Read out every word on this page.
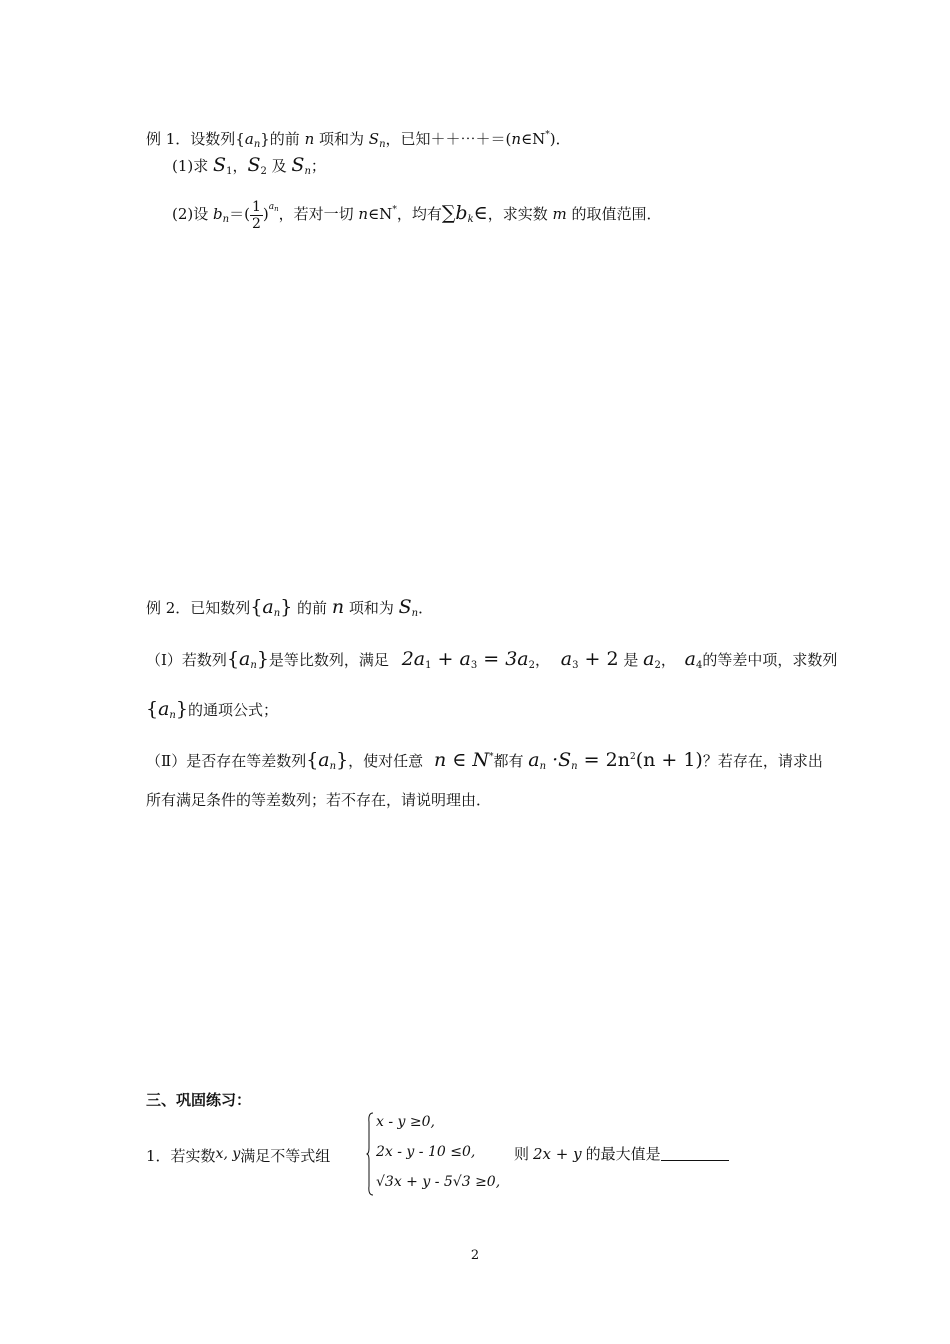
例 1．设数列$\{a_n\}$的前 n 项和为 $S_n$，已知＋＋⋯＋＝(n∈N*)．
(1)求 $S_1$，$S_2$ 及 $S_n$；
(2)设 $b_n=( \frac{1}{2} )^{an}$，若对一切 n∈N*，均有$\sum b_k\in$，求实数 m 的取值范围．
例 2．已知数列$\{a_n\}$ 的前 n 项和为 $S_n$．
（Ⅰ）若数列$\{a_n\}$是等比数列，满足 $2a_1 + a_3 = 3a_2$， $a_3 + 2$ 是 $a_2$， $a_4$的等差中项，求数列
$\{a_n\}$的通项公式；
（Ⅱ）是否存在等差数列$\{a_n\}$，使对任意 n ∈ N*都有 $a_n \cdot S_n = 2n^2(n + 1)$？若存在，请求出
所有满足条件的等差数列；若不存在，请说明理由．
三、巩固练习：
1．若实数x, y满足不等式组
x - y ≥0,
2x - y - 10 ≤0,
√3x + y - 5√3 ≥0,
则 2x + y 的最大值是
2
